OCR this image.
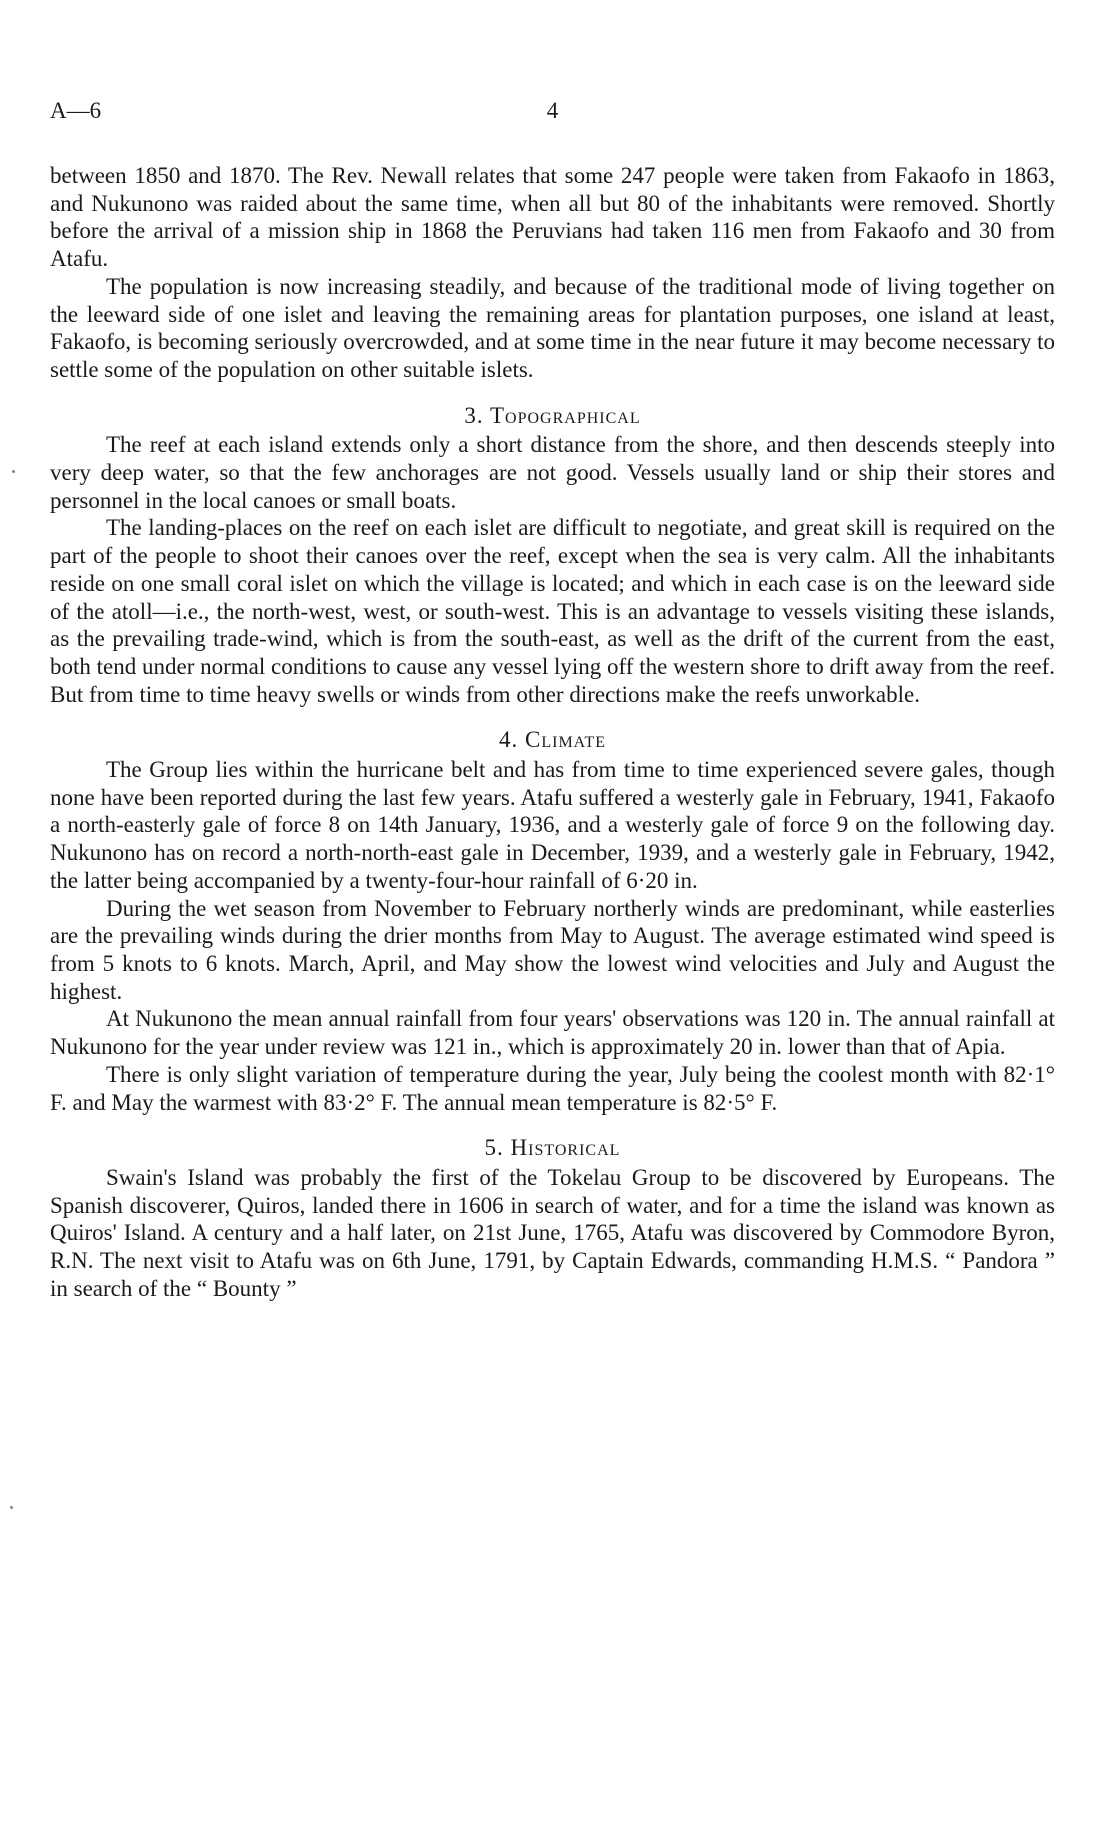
A—6	4

between 1850 and 1870. The Rev. Newall relates that some 247 people were taken from Fakaofo in 1863, and Nukunono was raided about the same time, when all but 80 of the inhabitants were removed. Shortly before the arrival of a mission ship in 1868 the Peruvians had taken 116 men from Fakaofo and 30 from Atafu.

The population is now increasing steadily, and because of the traditional mode of living together on the leeward side of one islet and leaving the remaining areas for plantation purposes, one island at least, Fakaofo, is becoming seriously overcrowded, and at some time in the near future it may become necessary to settle some of the population on other suitable islets.

3. Topographical

The reef at each island extends only a short distance from the shore, and then descends steeply into very deep water, so that the few anchorages are not good. Vessels usually land or ship their stores and personnel in the local canoes or small boats.

The landing-places on the reef on each islet are difficult to negotiate, and great skill is required on the part of the people to shoot their canoes over the reef, except when the sea is very calm. All the inhabitants reside on one small coral islet on which the village is located; and which in each case is on the leeward side of the atoll—i.e., the north-west, west, or south-west. This is an advantage to vessels visiting these islands, as the prevailing trade-wind, which is from the south-east, as well as the drift of the current from the east, both tend under normal conditions to cause any vessel lying off the western shore to drift away from the reef. But from time to time heavy swells or winds from other directions make the reefs unworkable.

4. Climate

The Group lies within the hurricane belt and has from time to time experienced severe gales, though none have been reported during the last few years. Atafu suffered a westerly gale in February, 1941, Fakaofo a north-easterly gale of force 8 on 14th January, 1936, and a westerly gale of force 9 on the following day. Nukunono has on record a north-north-east gale in December, 1939, and a westerly gale in February, 1942, the latter being accompanied by a twenty-four-hour rainfall of 6·20 in.

During the wet season from November to February northerly winds are predominant, while easterlies are the prevailing winds during the drier months from May to August. The average estimated wind speed is from 5 knots to 6 knots. March, April, and May show the lowest wind velocities and July and August the highest.

At Nukunono the mean annual rainfall from four years' observations was 120 in. The annual rainfall at Nukunono for the year under review was 121 in., which is approximately 20 in. lower than that of Apia.

There is only slight variation of temperature during the year, July being the coolest month with 82·1° F. and May the warmest with 83·2° F. The annual mean temperature is 82·5° F.

5. Historical

Swain's Island was probably the first of the Tokelau Group to be discovered by Europeans. The Spanish discoverer, Quiros, landed there in 1606 in search of water, and for a time the island was known as Quiros' Island. A century and a half later, on 21st June, 1765, Atafu was discovered by Commodore Byron, R.N. The next visit to Atafu was on 6th June, 1791, by Captain Edwards, commanding H.M.S. “ Pandora ” in search of the “ Bounty ”
